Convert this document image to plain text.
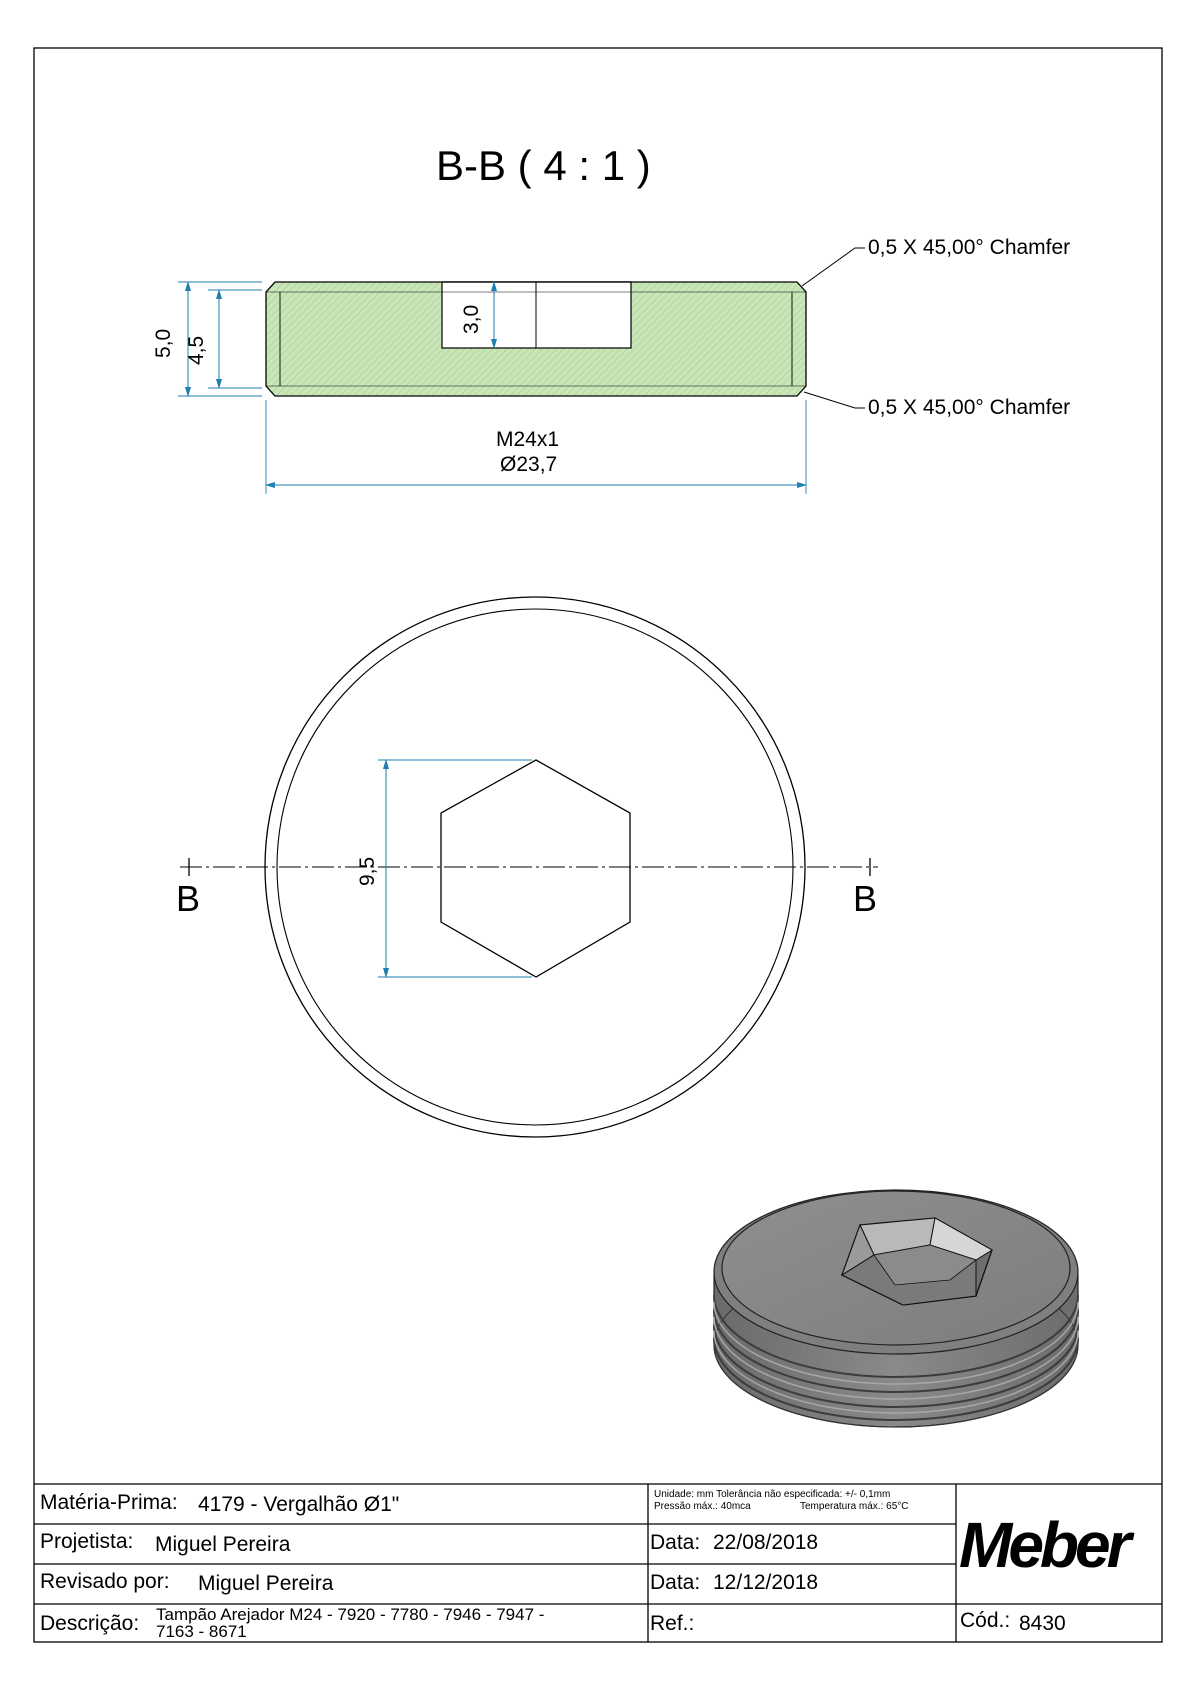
B-B ( 4 : 1 )
5,0 4,5
3,0
0,5 X 45,00° Chamfer
0,5 X 45,00° Chamfer
M24x1
Ø23,7
9,5
B	B
Matéria-Prima: 4179 - Vergalhão Ø1"	Unidade: mm Tolerância não especificada: +/- 0,1mm
Pressão máx.: 40mca	Temperatura máx.: 65°C
Projetista: Miguel Pereira	Data: 22/08/2018
Revisado por: Miguel Pereira	Data: 12/12/2018
Descrição: Tampão Arejador M24 - 7920 - 7780 - 7946 - 7947 -
7163 - 8671	Ref.:	Cód.: 8430
Meber
